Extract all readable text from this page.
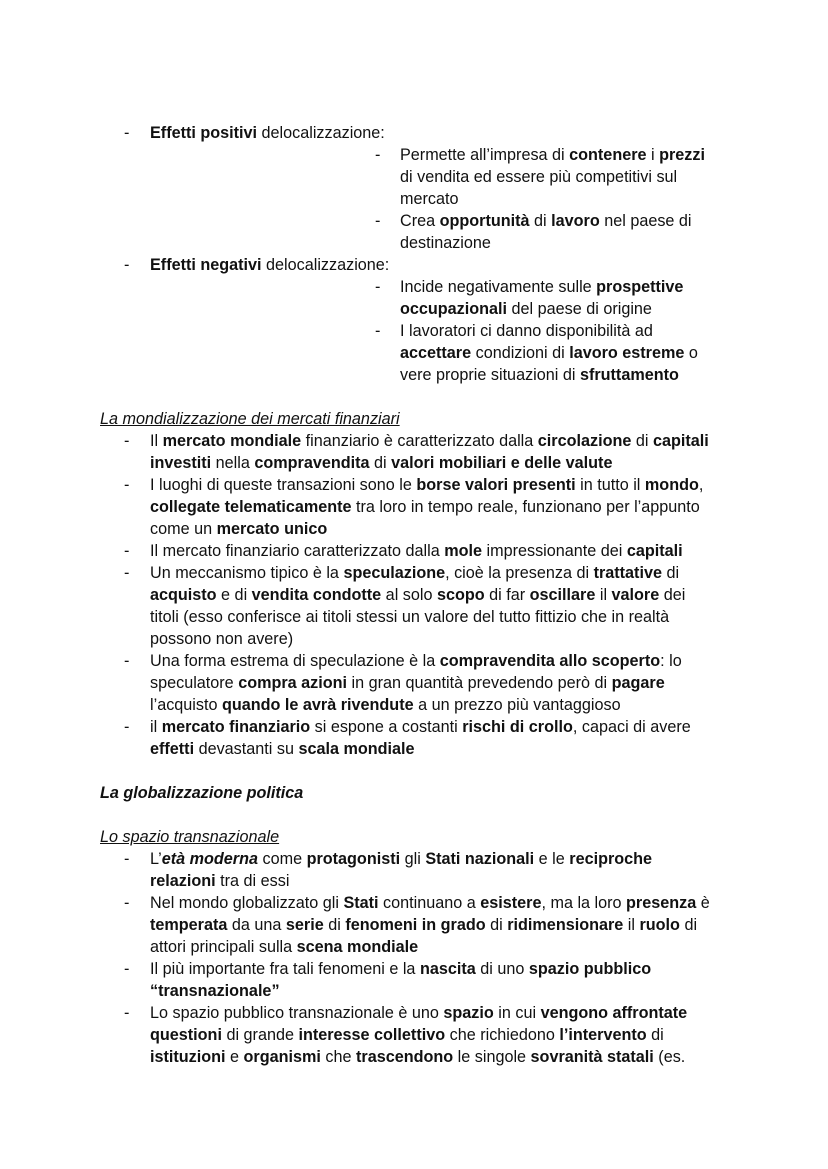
- Effetti positivi delocalizzazione:
- Permette all’impresa di contenere i prezzi
di vendita ed essere più competitivi sul
mercato
- Crea opportunità di lavoro nel paese di
destinazione
- Effetti negativi delocalizzazione:
- Incide negativamente sulle prospettive
occupazionali del paese di origine
- I lavoratori ci danno disponibilità ad
accettare condizioni di lavoro estreme o
vere proprie situazioni di sfruttamento
La mondializzazione dei mercati finanziari
- Il mercato mondiale finanziario è caratterizzato dalla circolazione di capitali
investiti nella compravendita di valori mobiliari e delle valute
- I luoghi di queste transazioni sono le borse valori presenti in tutto il mondo,
collegate telematicamente tra loro in tempo reale, funzionano per l’appunto
come un mercato unico
- Il mercato finanziario caratterizzato dalla mole impressionante dei capitali
- Un meccanismo tipico è la speculazione, cioè la presenza di trattative di
acquisto e di vendita condotte al solo scopo di far oscillare il valore dei
titoli (esso conferisce ai titoli stessi un valore del tutto fittizio che in realtà
possono non avere)
- Una forma estrema di speculazione è la compravendita allo scoperto: lo
speculatore compra azioni in gran quantità prevedendo però di pagare
l’acquisto quando le avrà rivendute a un prezzo più vantaggioso
- il mercato finanziario si espone a costanti rischi di crollo, capaci di avere
effetti devastanti su scala mondiale
La globalizzazione politica
Lo spazio transnazionale
- L’età moderna come protagonisti gli Stati nazionali e le reciproche
relazioni tra di essi
- Nel mondo globalizzato gli Stati continuano a esistere, ma la loro presenza è
temperata da una serie di fenomeni in grado di ridimensionare il ruolo di
attori principali sulla scena mondiale
- Il più importante fra tali fenomeni e la nascita di uno spazio pubblico
“transnazionale”
- Lo spazio pubblico transnazionale è uno spazio in cui vengono affrontate
questioni di grande interesse collettivo che richiedono l’intervento di
istituzioni e organismi che trascendono le singole sovranità statali (es.
